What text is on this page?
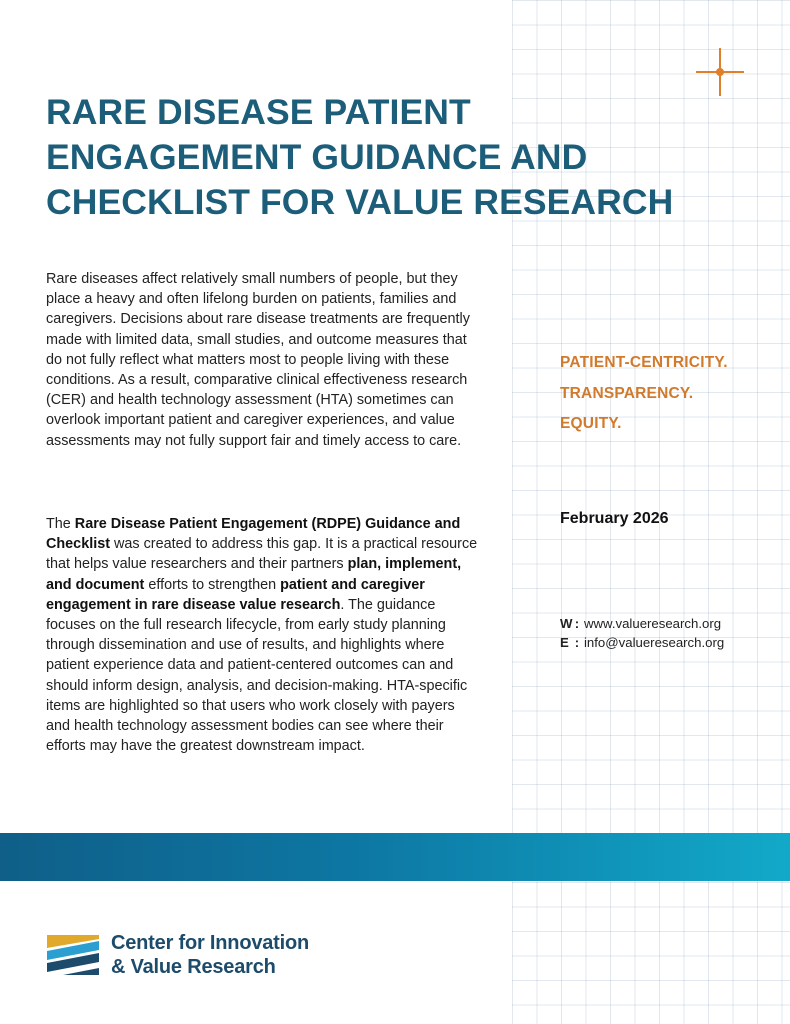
RARE DISEASE PATIENT
ENGAGEMENT GUIDANCE AND
CHECKLIST FOR VALUE RESEARCH

Rare diseases affect relatively small numbers of people, but they place a heavy and often lifelong burden on patients, families and caregivers. Decisions about rare disease treatments are frequently made with limited data, small studies, and outcome measures that do not fully reflect what matters most to people living with these conditions. As a result, comparative clinical effectiveness research (CER) and health technology assessment (HTA) sometimes can overlook important patient and caregiver experiences, and value assessments may not fully support fair and timely access to care.

The Rare Disease Patient Engagement (RDPE) Guidance and Checklist was created to address this gap. It is a practical resource that helps value researchers and their partners plan, implement, and document efforts to strengthen patient and caregiver engagement in rare disease value research. The guidance focuses on the full research lifecycle, from early study planning through dissemination and use of results, and highlights where patient experience data and patient-centered outcomes can and should inform design, analysis, and decision-making. HTA-specific items are highlighted so that users who work closely with payers and health technology assessment bodies can see where their efforts may have the greatest downstream impact.

PATIENT-CENTRICITY.
TRANSPARENCY.
EQUITY.
February 2026
W : www.valueresearch.org
E : info@valueresearch.org
Center for Innovation
& Value Research
